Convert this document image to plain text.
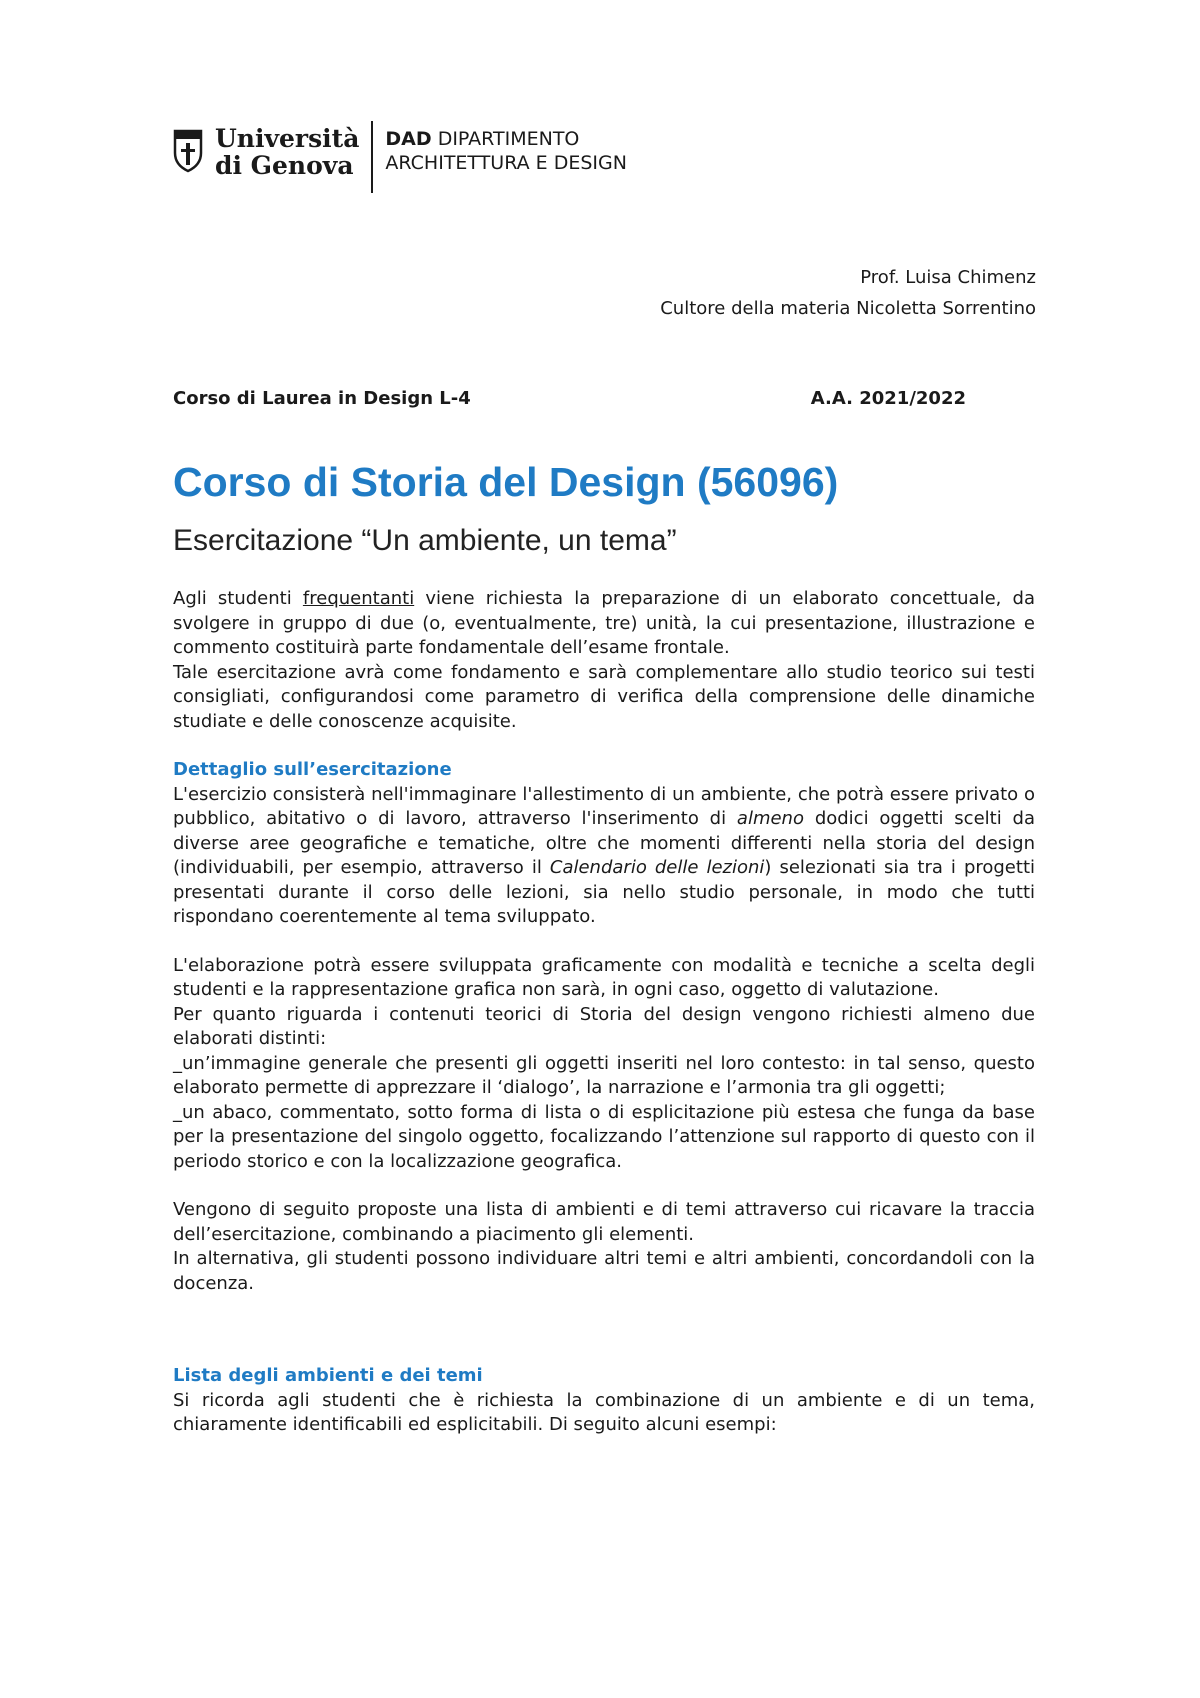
Università
di Genova
DAD DIPARTIMENTO
ARCHITETTURA E DESIGN
Prof. Luisa Chimenz
Cultore della materia Nicoletta Sorrentino
Corso di Laurea in Design L-4	A.A. 2021/2022
Corso di Storia del Design (56096)
Esercitazione “Un ambiente, un tema”

Agli studenti frequentanti viene richiesta la preparazione di un elaborato concettuale, da svolgere in gruppo di due (o, eventualmente, tre) unità, la cui presentazione, illustrazione e commento costituirà parte fondamentale dell’esame frontale.

Tale esercitazione avrà come fondamento e sarà complementare allo studio teorico sui testi consigliati, configurandosi come parametro di verifica della comprensione delle dinamiche studiate e delle conoscenze acquisite.

Dettaglio sull’esercitazione

L'esercizio consisterà nell'immaginare l'allestimento di un ambiente, che potrà essere privato o pubblico, abitativo o di lavoro, attraverso l'inserimento di almeno dodici oggetti scelti da diverse aree geografiche e tematiche, oltre che momenti differenti nella storia del design (individuabili, per esempio, attraverso il Calendario delle lezioni) selezionati sia tra i progetti presentati durante il corso delle lezioni, sia nello studio personale, in modo che tutti rispondano coerentemente al tema sviluppato.

L'elaborazione potrà essere sviluppata graficamente con modalità e tecniche a scelta degli studenti e la rappresentazione grafica non sarà, in ogni caso, oggetto di valutazione.

Per quanto riguarda i contenuti teorici di Storia del design vengono richiesti almeno due elaborati distinti:

_un’immagine generale che presenti gli oggetti inseriti nel loro contesto: in tal senso, questo elaborato permette di apprezzare il ‘dialogo’, la narrazione e l’armonia tra gli oggetti;

_un abaco, commentato, sotto forma di lista o di esplicitazione più estesa che funga da base per la presentazione del singolo oggetto, focalizzando l’attenzione sul rapporto di questo con il periodo storico e con la localizzazione geografica.

Vengono di seguito proposte una lista di ambienti e di temi attraverso cui ricavare la traccia dell’esercitazione, combinando a piacimento gli elementi.

In alternativa, gli studenti possono individuare altri temi e altri ambienti, concordandoli con la docenza.

Lista degli ambienti e dei temi

Si ricorda agli studenti che è richiesta la combinazione di un ambiente e di un tema, chiaramente identificabili ed esplicitabili. Di seguito alcuni esempi:
